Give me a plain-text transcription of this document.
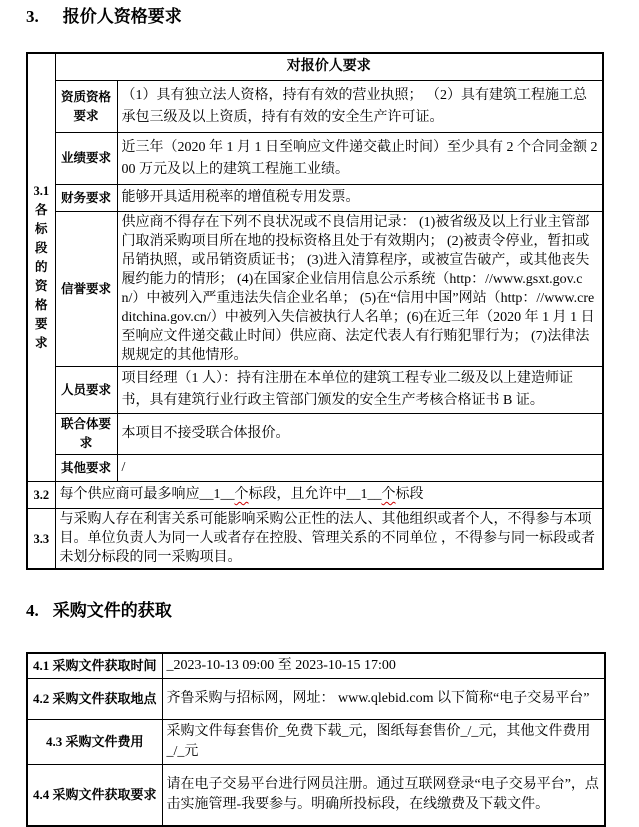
3. 报价人资格要求
3.1各标段的资格要求	对报价人要求	
	资质资格要求	（1）具有独立法人资格，持有有效的营业执照； （2）具有建筑工程施工总承包三级及以上资质，持有有效的安全生产许可证。
	业绩要求	近三年（2020 年 1 月 1 日至响应文件递交截止时间）至少具有 2 个合同金额 200 万元及以上的建筑工程施工业绩。
	财务要求	能够开具适用税率的增值税专用发票。
	信誉要求	供应商不得存在下列不良状况或不良信用记录： (1)被省级及以上行业主管部门取消采购项目所在地的投标资格且处于有效期内； (2)被责令停业，暂扣或吊销执照，或吊销资质证书； (3)进入清算程序，或被宣告破产，或其他丧失履约能力的情形； (4)在国家企业信用信息公示系统（http：//www.gsxt.gov.cn/）中被列入严重违法失信企业名单； (5)在“信用中国”网站（http：//www.creditchina.gov.cn/）中被列入失信被执行人名单；(6)在近三年（2020 年 1 月 1 日至响应文件递交截止时间）供应商、法定代表人有行贿犯罪行为； (7)法律法规规定的其他情形。
	人员要求	项目经理（1 人）：持有注册在本单位的建筑工程专业二级及以上建造师证书，具有建筑行业行政主管部门颁发的安全生产考核合格证书 B 证。
	联合体要求	本项目不接受联合体报价。
	其他要求	/
3.2	每个供应商可最多响应__1__个标段，且允许中__1__个标段	
3.3	与采购人存在利害关系可能影响采购公正性的法人、其他组织或者个人，不得参与本项目。单位负责人为同一人或者存在控股、管理关系的不同单位 ，不得参与同一标段或者未划分标段的同一采购项目。	
4. 采购文件的获取
4.1 采购文件获取时间	_2023-10-13 09:00 至 2023-10-15 17:00
4.2 采购文件获取地点	齐鲁采购与招标网，网址： www.qlebid.com 以下简称“电子交易平台”
4.3 采购文件费用	采购文件每套售价_免费下载_元，图纸每套售价_/_元，其他文件费用_/_元
4.4 采购文件获取要求	请在电子交易平台进行网员注册。通过互联网登录“电子交易平台”，点击实施管理-我要参与。明确所投标段，在线缴费及下载文件。
